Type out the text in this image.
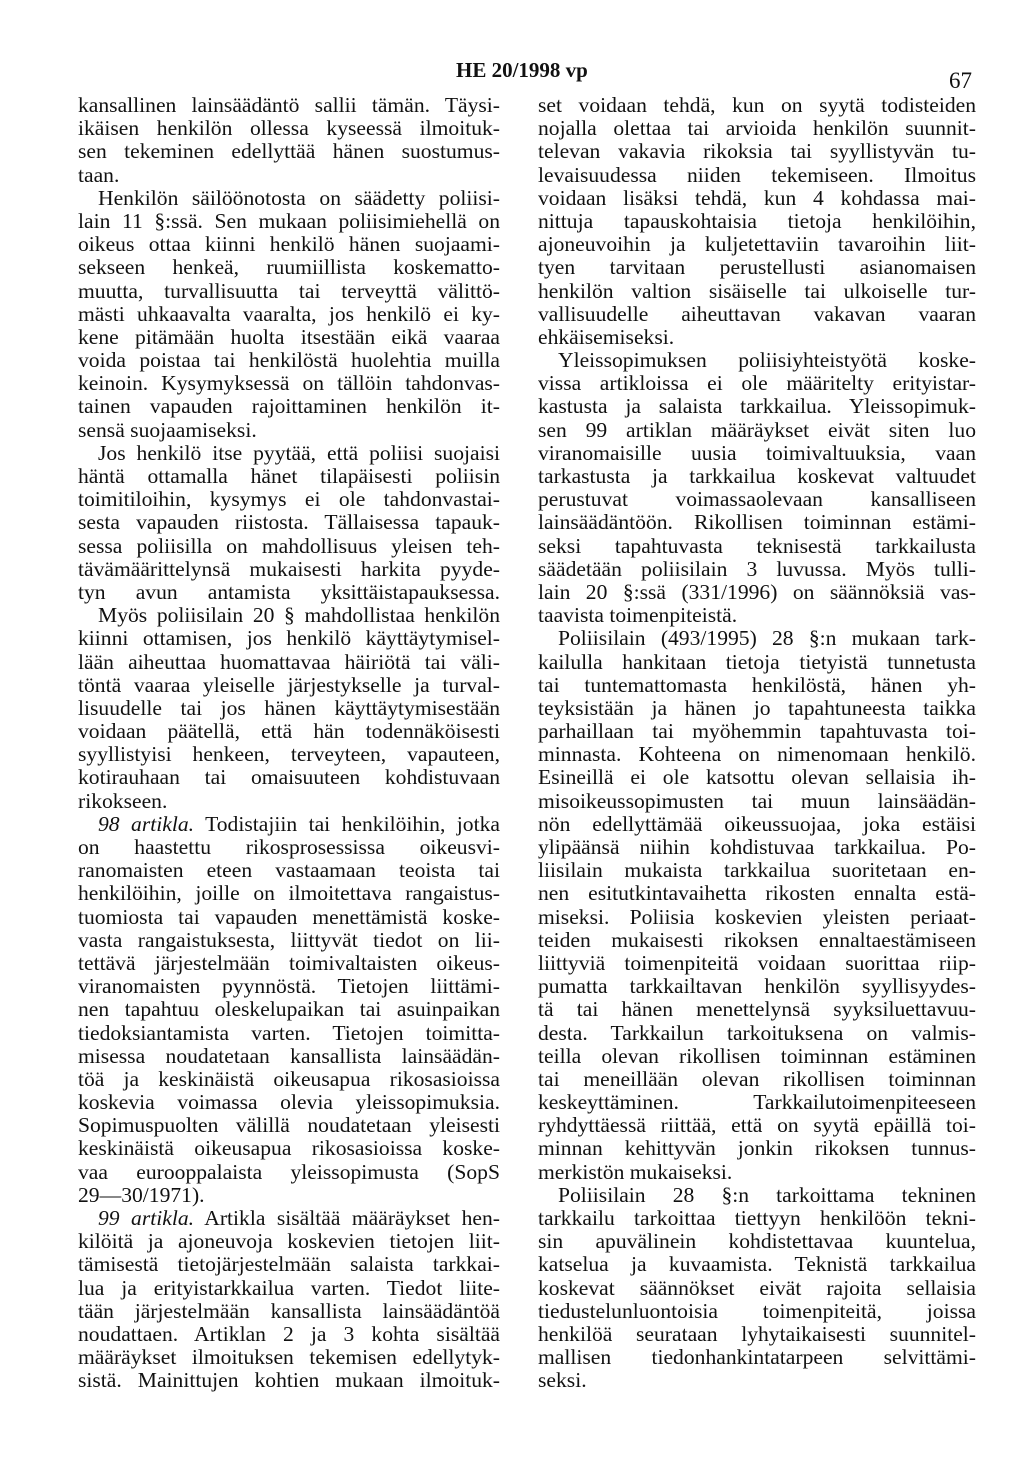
HE 20/1998 vp	67
kansallinen lainsäädäntö sallii tämän. Täysi-
ikäisen henkilön ollessa kyseessä ilmoituk-
sen tekeminen edellyttää hänen suostumus-
taan.
Henkilön säilöönotosta on säädetty poliisi-
lain 11 §:ssä. Sen mukaan poliisimiehellä on
oikeus ottaa kiinni henkilö hänen suojaami-
sekseen henkeä, ruumiillista koskematto-
muutta, turvallisuutta tai terveyttä välittö-
mästi uhkaavalta vaaralta, jos henkilö ei ky-
kene pitämään huolta itsestään eikä vaaraa
voida poistaa tai henkilöstä huolehtia muilla
keinoin. Kysymyksessä on tällöin tahdonvas-
tainen vapauden rajoittaminen henkilön it-
sensä suojaamiseksi.
Jos henkilö itse pyytää, että poliisi suojaisi
häntä ottamalla hänet tilapäisesti poliisin
toimitiloihin, kysymys ei ole tahdonvastai-
sesta vapauden riistosta. Tällaisessa tapauk-
sessa poliisilla on mahdollisuus yleisen teh-
tävämäärittelynsä mukaisesti harkita pyyde-
tyn avun antamista yksittäistapauksessa.
Myös poliisilain 20 § mahdollistaa henkilön
kiinni ottamisen, jos henkilö käyttäytymisel-
lään aiheuttaa huomattavaa häiriötä tai väli-
töntä vaaraa yleiselle järjestykselle ja turval-
lisuudelle tai jos hänen käyttäytymisestään
voidaan päätellä, että hän todennäköisesti
syyllistyisi henkeen, terveyteen, vapauteen,
kotirauhaan tai omaisuuteen kohdistuvaan
rikokseen.
98 artikla. Todistajiin tai henkilöihin, jotka
on haastettu rikosprosessissa oikeusvi-
ranomaisten eteen vastaamaan teoista tai
henkilöihin, joille on ilmoitettava rangaistus-
tuomiosta tai vapauden menettämistä koske-
vasta rangaistuksesta, liittyvät tiedot on lii-
tettävä järjestelmään toimivaltaisten oikeus-
viranomaisten pyynnöstä. Tietojen liittämi-
nen tapahtuu oleskelupaikan tai asuinpaikan
tiedoksiantamista varten. Tietojen toimitta-
misessa noudatetaan kansallista lainsäädän-
töä ja keskinäistä oikeusapua rikosasioissa
koskevia voimassa olevia yleissopimuksia.
Sopimuspuolten välillä noudatetaan yleisesti
keskinäistä oikeusapua rikosasioissa koske-
vaa eurooppalaista yleissopimusta (SopS
29—30/1971).
99 artikla. Artikla sisältää määräykset hen-
kilöitä ja ajoneuvoja koskevien tietojen liit-
tämisestä tietojärjestelmään salaista tarkkai-
lua ja erityistarkkailua varten. Tiedot liite-
tään järjestelmään kansallista lainsäädäntöä
noudattaen. Artiklan 2 ja 3 kohta sisältää
määräykset ilmoituksen tekemisen edellytyk-
sistä. Mainittujen kohtien mukaan ilmoituk-
set voidaan tehdä, kun on syytä todisteiden
nojalla olettaa tai arvioida henkilön suunnit-
televan vakavia rikoksia tai syyllistyvän tu-
levaisuudessa niiden tekemiseen. Ilmoitus
voidaan lisäksi tehdä, kun 4 kohdassa mai-
nittuja tapauskohtaisia tietoja henkilöihin,
ajoneuvoihin ja kuljetettaviin tavaroihin liit-
tyen tarvitaan perustellusti asianomaisen
henkilön valtion sisäiselle tai ulkoiselle tur-
vallisuudelle aiheuttavan vakavan vaaran
ehkäisemiseksi.
Yleissopimuksen poliisiyhteistyötä koske-
vissa artikloissa ei ole määritelty erityistar-
kastusta ja salaista tarkkailua. Yleissopimuk-
sen 99 artiklan määräykset eivät siten luo
viranomaisille uusia toimivaltuuksia, vaan
tarkastusta ja tarkkailua koskevat valtuudet
perustuvat voimassaolevaan kansalliseen
lainsäädäntöön. Rikollisen toiminnan estämi-
seksi tapahtuvasta teknisestä tarkkailusta
säädetään poliisilain 3 luvussa. Myös tulli-
lain 20 §:ssä (331/1996) on säännöksiä vas-
taavista toimenpiteistä.
Poliisilain (493/1995) 28 §:n mukaan tark-
kailulla hankitaan tietoja tietyistä tunnetusta
tai tuntemattomasta henkilöstä, hänen yh-
teyksistään ja hänen jo tapahtuneesta taikka
parhaillaan tai myöhemmin tapahtuvasta toi-
minnasta. Kohteena on nimenomaan henkilö.
Esineillä ei ole katsottu olevan sellaisia ih-
misoikeussopimusten tai muun lainsäädän-
nön edellyttämää oikeussuojaa, joka estäisi
ylipäänsä niihin kohdistuvaa tarkkailua. Po-
liisilain mukaista tarkkailua suoritetaan en-
nen esitutkintavaihetta rikosten ennalta estä-
miseksi. Poliisia koskevien yleisten periaat-
teiden mukaisesti rikoksen ennaltaestämiseen
liittyviä toimenpiteitä voidaan suorittaa riip-
pumatta tarkkailtavan henkilön syyllisyydes-
tä tai hänen menettelynsä syyksiluettavuu-
desta. Tarkkailun tarkoituksena on valmis-
teilla olevan rikollisen toiminnan estäminen
tai meneillään olevan rikollisen toiminnan
keskeyttäminen. Tarkkailutoimenpiteeseen
ryhdyttäessä riittää, että on syytä epäillä toi-
minnan kehittyvän jonkin rikoksen tunnus-
merkistön mukaiseksi.
Poliisilain 28 §:n tarkoittama tekninen
tarkkailu tarkoittaa tiettyyn henkilöön tekni-
sin apuvälinein kohdistettavaa kuuntelua,
katselua ja kuvaamista. Teknistä tarkkailua
koskevat säännökset eivät rajoita sellaisia
tiedustelunluontoisia toimenpiteitä, joissa
henkilöä seurataan lyhytaikaisesti suunnitel-
mallisen tiedonhankintatarpeen selvittämi-
seksi.
